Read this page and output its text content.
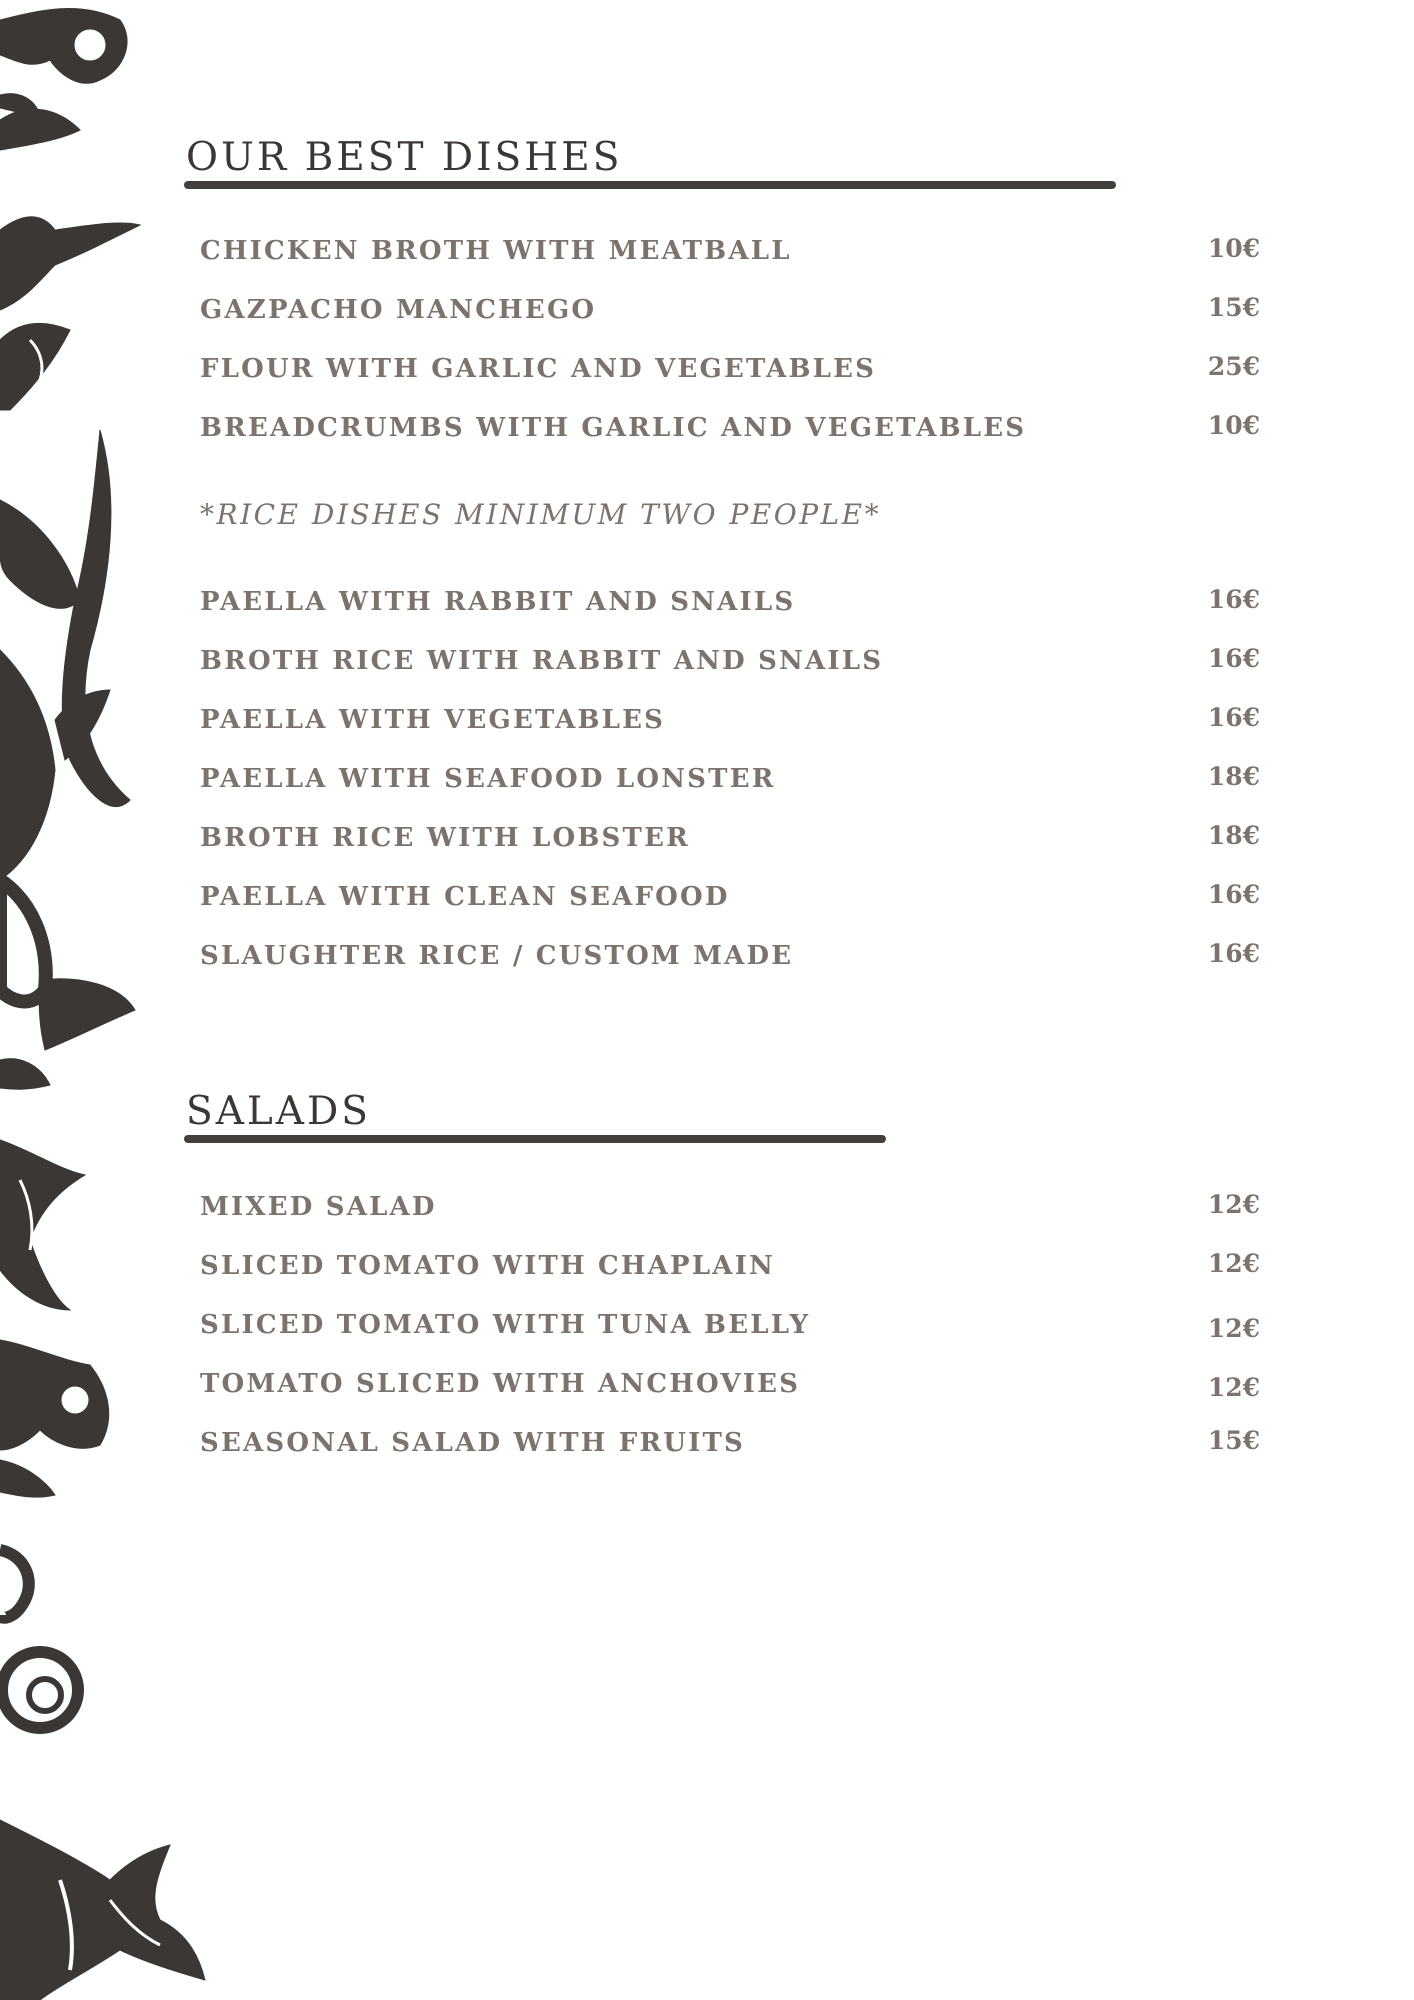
OUR BEST DISHES
CHICKEN BROTH WITH MEATBALL	10€
GAZPACHO MANCHEGO	15€
FLOUR WITH GARLIC AND VEGETABLES	25€
BREADCRUMBS WITH GARLIC AND VEGETABLES	10€
*RICE DISHES MINIMUM TWO PEOPLE*
PAELLA WITH RABBIT AND SNAILS	16€
BROTH RICE WITH RABBIT AND SNAILS	16€
PAELLA WITH VEGETABLES	16€
PAELLA WITH SEAFOOD LONSTER	18€
BROTH RICE WITH LOBSTER	18€
PAELLA WITH CLEAN SEAFOOD	16€
SLAUGHTER RICE / CUSTOM MADE	16€
SALADS
MIXED SALAD	12€
SLICED TOMATO WITH CHAPLAIN	12€
SLICED TOMATO WITH TUNA BELLY	12€
TOMATO SLICED WITH ANCHOVIES	12€
SEASONAL SALAD WITH FRUITS	15€
